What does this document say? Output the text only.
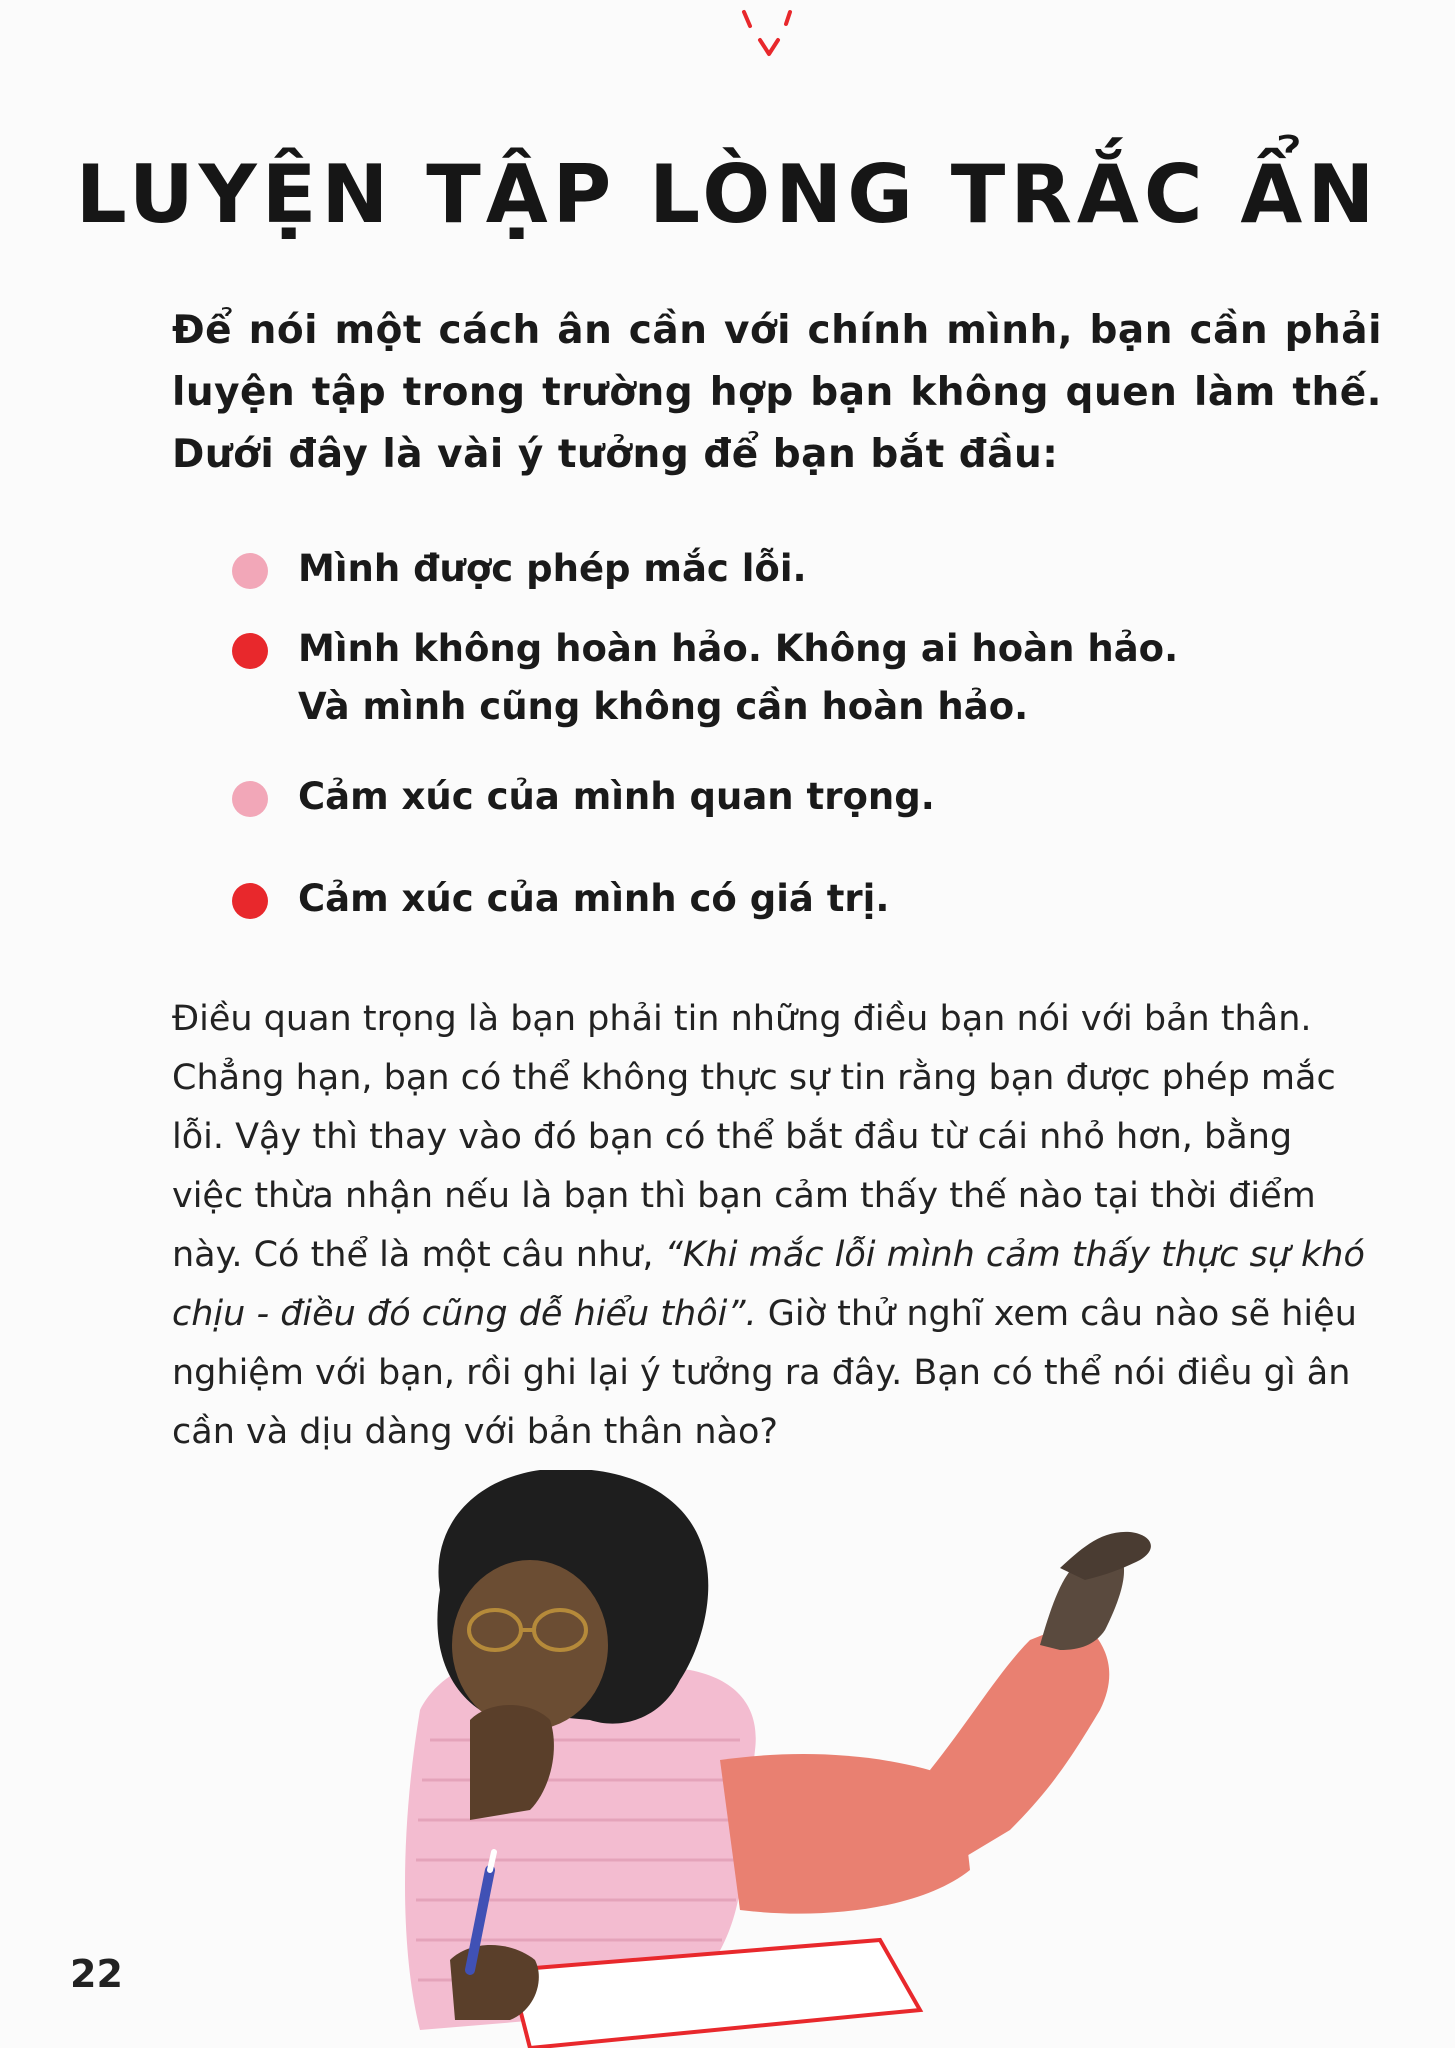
LUYỆN TẬP LÒNG TRẮC ẨN

Để nói một cách ân cần với chính mình, bạn cần phải luyện tập trong trường hợp bạn không quen làm thế. Dưới đây là vài ý tưởng để bạn bắt đầu:

Mình được phép mắc lỗi.
Mình không hoàn hảo. Không ai hoàn hảo.
Và mình cũng không cần hoàn hảo.
Cảm xúc của mình quan trọng.
Cảm xúc của mình có giá trị.

Điều quan trọng là bạn phải tin những điều bạn nói với bản thân. Chẳng hạn, bạn có thể không thực sự tin rằng bạn được phép mắc lỗi. Vậy thì thay vào đó bạn có thể bắt đầu từ cái nhỏ hơn, bằng việc thừa nhận nếu là bạn thì bạn cảm thấy thế nào tại thời điểm này. Có thể là một câu như, “Khi mắc lỗi mình cảm thấy thực sự khó chịu - điều đó cũng dễ hiểu thôi”. Giờ thử nghĩ xem câu nào sẽ hiệu nghiệm với bạn, rồi ghi lại ý tưởng ra đây. Bạn có thể nói điều gì ân cần và dịu dàng với bản thân nào?

22
